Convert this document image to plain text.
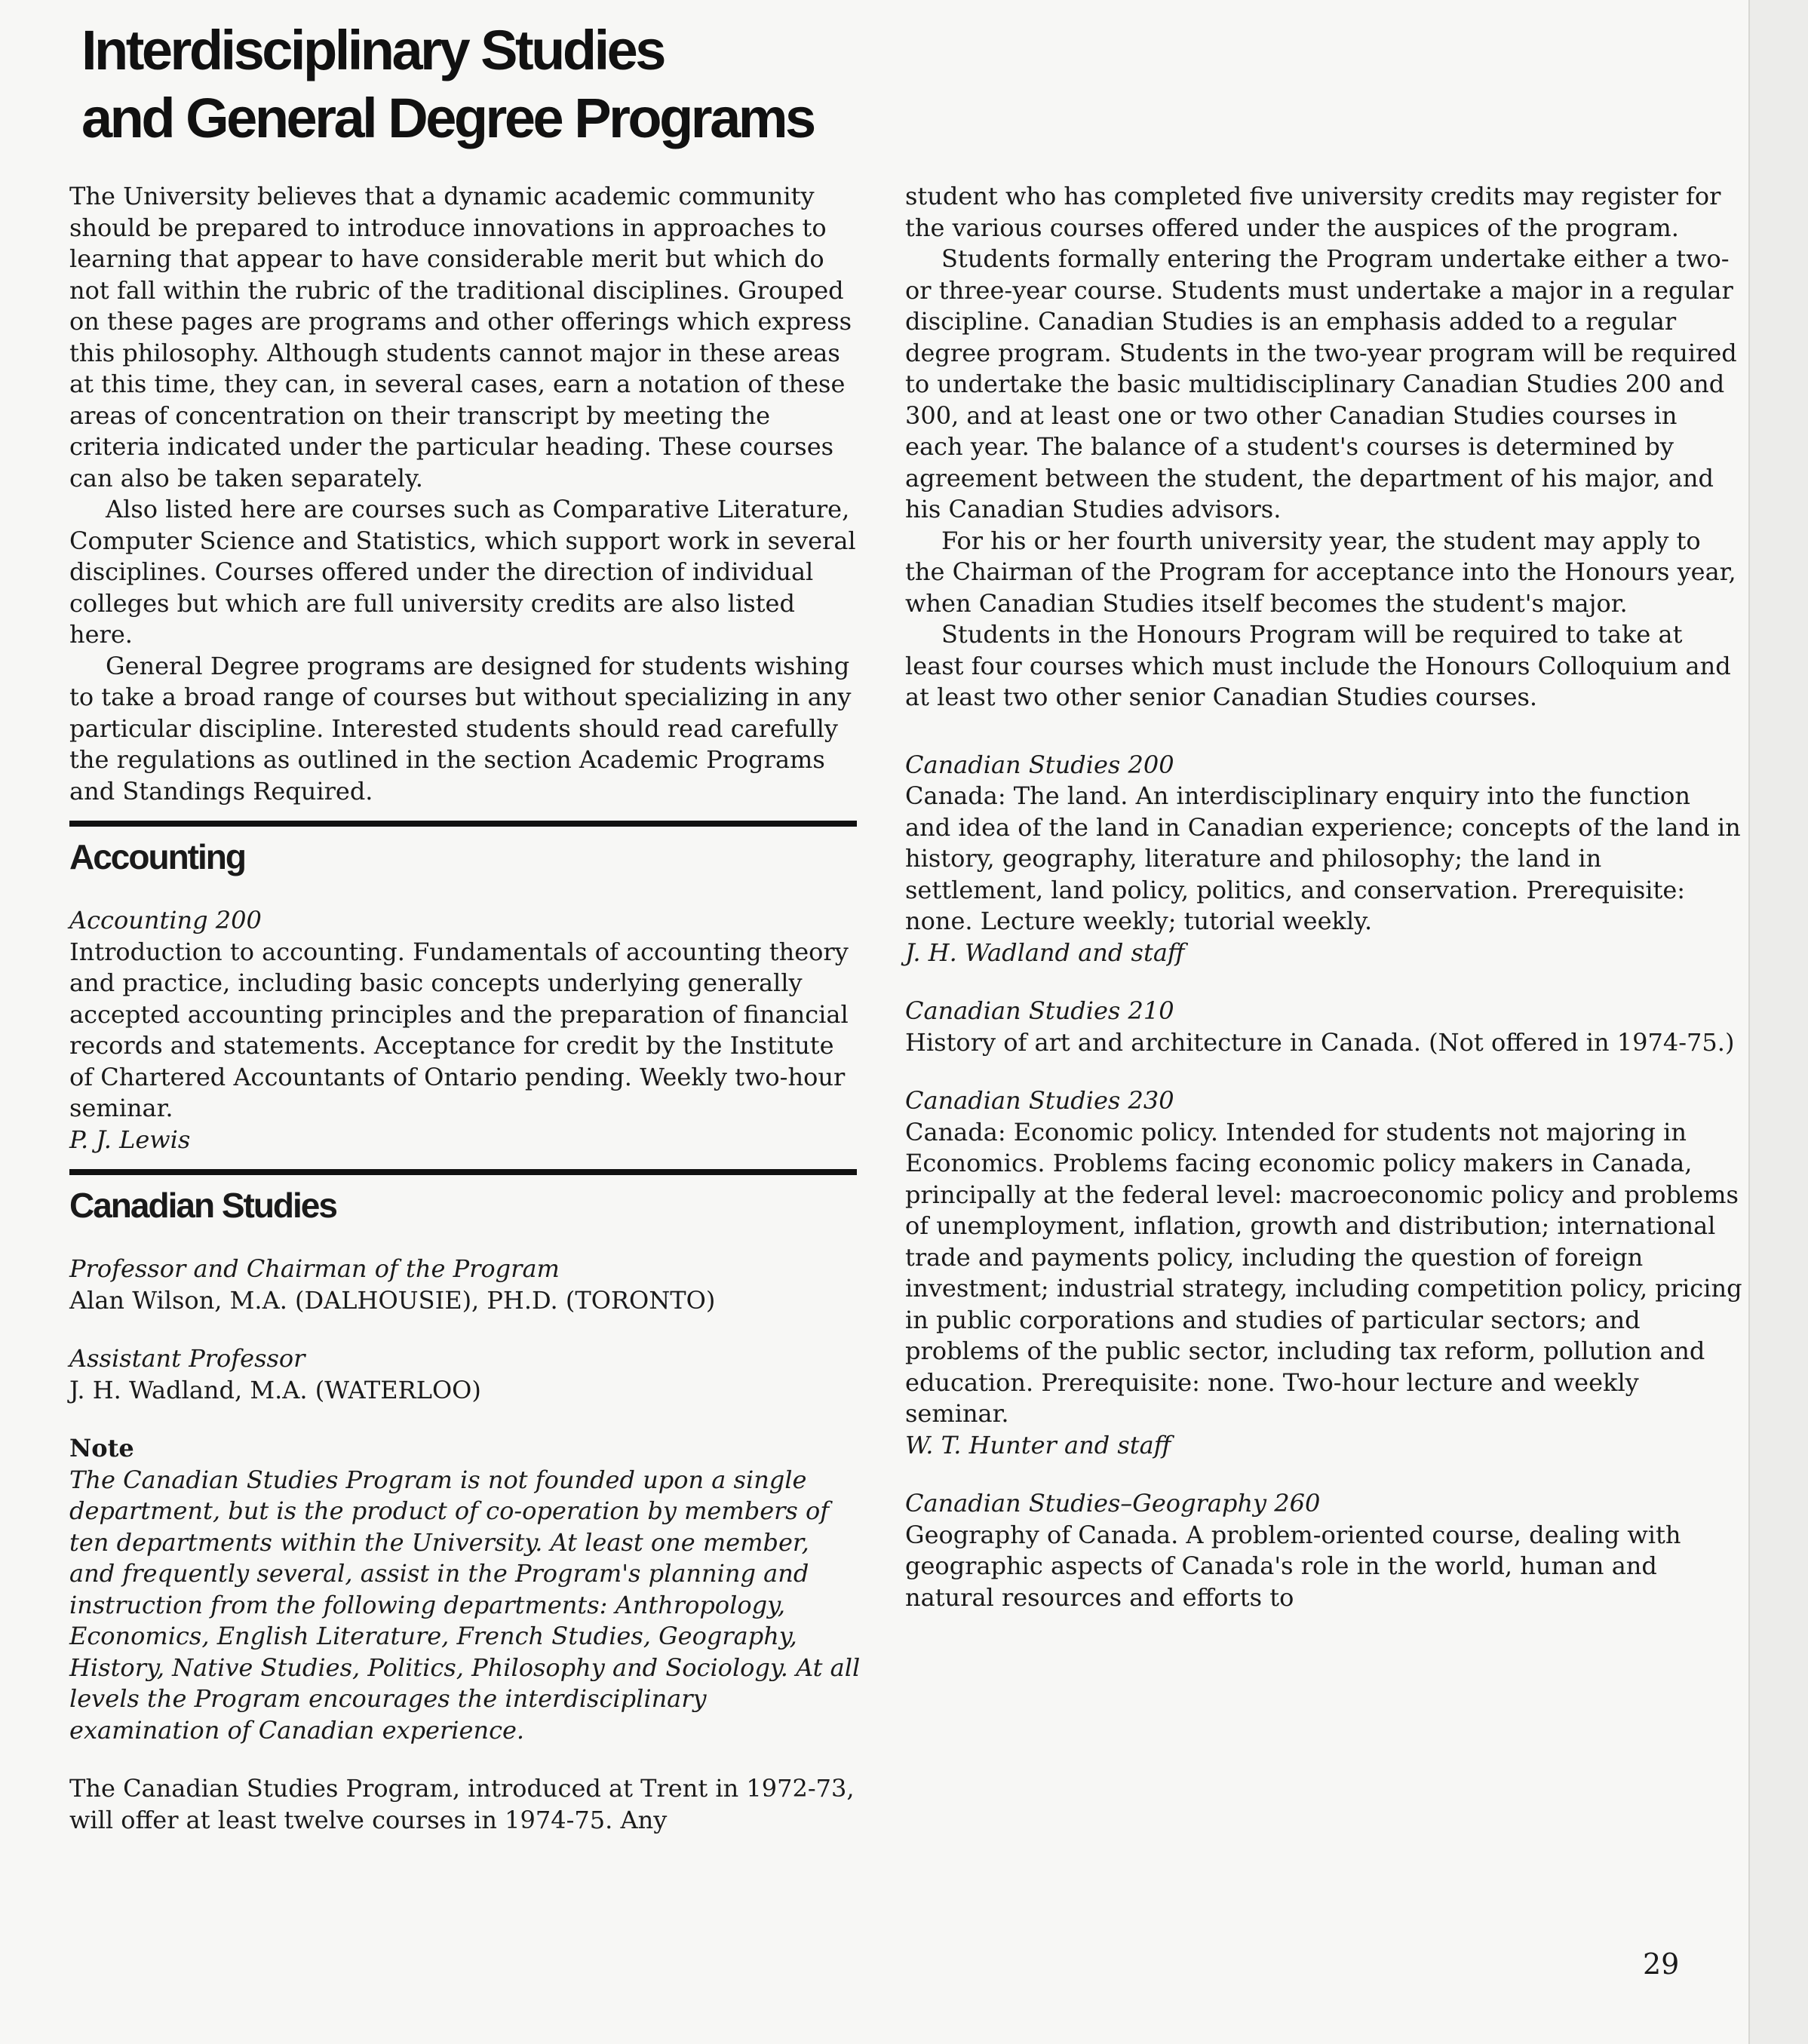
Interdisciplinary Studies
and General Degree Programs

The University believes that a dynamic academic community should be prepared to introduce innovations in approaches to learning that appear to have considerable merit but which do not fall within the rubric of the traditional disciplines. Grouped on these pages are programs and other offerings which express this philosophy. Although students cannot major in these areas at this time, they can, in several cases, earn a notation of these areas of concentration on their transcript by meeting the criteria indicated under the particular heading. These courses can also be taken separately.

Also listed here are courses such as Comparative Literature, Computer Science and Statistics, which support work in several disciplines. Courses offered under the direction of individual colleges but which are full university credits are also listed here.

General Degree programs are designed for students wishing to take a broad range of courses but without specializing in any particular discipline. Interested students should read carefully the regulations as outlined in the section Academic Programs and Standings Required.

Accounting

Accounting 200

Introduction to accounting. Fundamentals of accounting theory and practice, including basic concepts underlying generally accepted accounting principles and the preparation of financial records and statements. Acceptance for credit by the Institute of Chartered Accountants of Ontario pending. Weekly two-hour seminar.

P. J. Lewis

Canadian Studies

Professor and Chairman of the Program

Alan Wilson, M.A. (DALHOUSIE), PH.D. (TORONTO)

Assistant Professor

J. H. Wadland, M.A. (WATERLOO)

Note

The Canadian Studies Program is not founded upon a single department, but is the product of co-operation by members of ten departments within the University. At least one member, and frequently several, assist in the Program's planning and instruction from the following departments: Anthropology, Economics, English Literature, French Studies, Geography, History, Native Studies, Politics, Philosophy and Sociology. At all levels the Program encourages the interdisciplinary examination of Canadian experience.

The Canadian Studies Program, introduced at Trent in 1972-73, will offer at least twelve courses in 1974-75. Any

student who has completed five university credits may register for the various courses offered under the auspices of the program.

Students formally entering the Program undertake either a two- or three-year course. Students must undertake a major in a regular discipline. Canadian Studies is an emphasis added to a regular degree program. Students in the two-year program will be required to undertake the basic multidisciplinary Canadian Studies 200 and 300, and at least one or two other Canadian Studies courses in each year. The balance of a student's courses is determined by agreement between the student, the department of his major, and his Canadian Studies advisors.

For his or her fourth university year, the student may apply to the Chairman of the Program for acceptance into the Honours year, when Canadian Studies itself becomes the student's major.

Students in the Honours Program will be required to take at least four courses which must include the Honours Colloquium and at least two other senior Canadian Studies courses.

Canadian Studies 200

Canada: The land. An interdisciplinary enquiry into the function and idea of the land in Canadian experience; concepts of the land in history, geography, literature and philosophy; the land in settlement, land policy, politics, and conservation. Prerequisite: none. Lecture weekly; tutorial weekly.

J. H. Wadland and staff

Canadian Studies 210

History of art and architecture in Canada. (Not offered in 1974-75.)

Canadian Studies 230

Canada: Economic policy. Intended for students not majoring in Economics. Problems facing economic policy makers in Canada, principally at the federal level: macroeconomic policy and problems of unemployment, inflation, growth and distribution; international trade and payments policy, including the question of foreign investment; industrial strategy, including competition policy, pricing in public corporations and studies of particular sectors; and problems of the public sector, including tax reform, pollution and education. Prerequisite: none. Two-hour lecture and weekly seminar.

W. T. Hunter and staff

Canadian Studies–Geography 260

Geography of Canada. A problem-oriented course, dealing with geographic aspects of Canada's role in the world, human and natural resources and efforts to

29
